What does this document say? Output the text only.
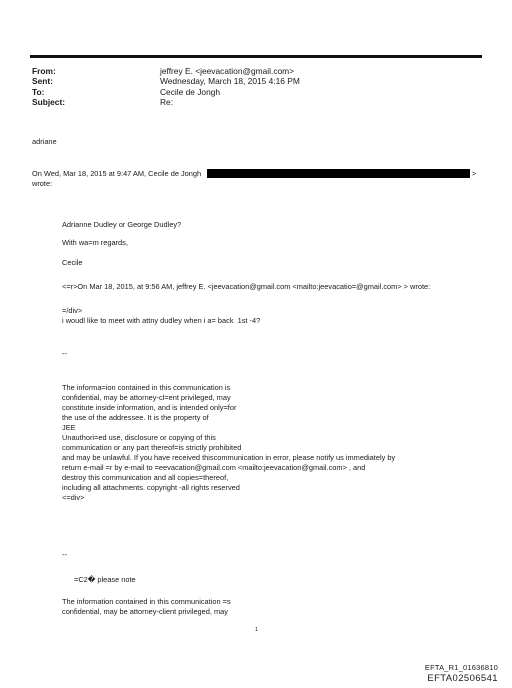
From:	jeffrey E. <jeevacation@gmail.com>
Sent:	Wednesday, March 18, 2015 4:16 PM
To:	Cecile de Jongh
Subject:	Re:
adriane
On Wed, Mar 18, 2015 at 9:47 AM, Cecile de Jongh	>
wrote:
Adrianne Dudley or George Dudley?
With wa=m regards,
Cecile
<=r>On Mar 18, 2015, at 9:56 AM, jeffrey E. <jeevacation@gmail.com <mailto:jeevacatio=@gmail.com> > wrote:
=/div>
i woudl like to meet with attny dudley when i a= back  1st -4?
--
The informa=ion contained in this communication is
confidential, may be attorney-cl=ent privileged, may
constitute inside information, and is intended only=for
the use of the addressee. It is the property of
JEE
Unauthori=ed use, disclosure or copying of this
communication or any part thereof=is strictly prohibited
and may be unlawful. If you have received thiscommunication in error, please notify us immediately by
return e-mail =r by e-mail to =eevacation@gmail.com <mailto:jeevacation@gmail.com> , and
destroy this communication and all copies=thereof,
including all attachments. copyright -all rights reserved
<=div>
--
=C2� please note
The information contained in this communication =s
confidential, may be attorney-client privileged, may
1
EFTA_R1_01636810
EFTA02506541
